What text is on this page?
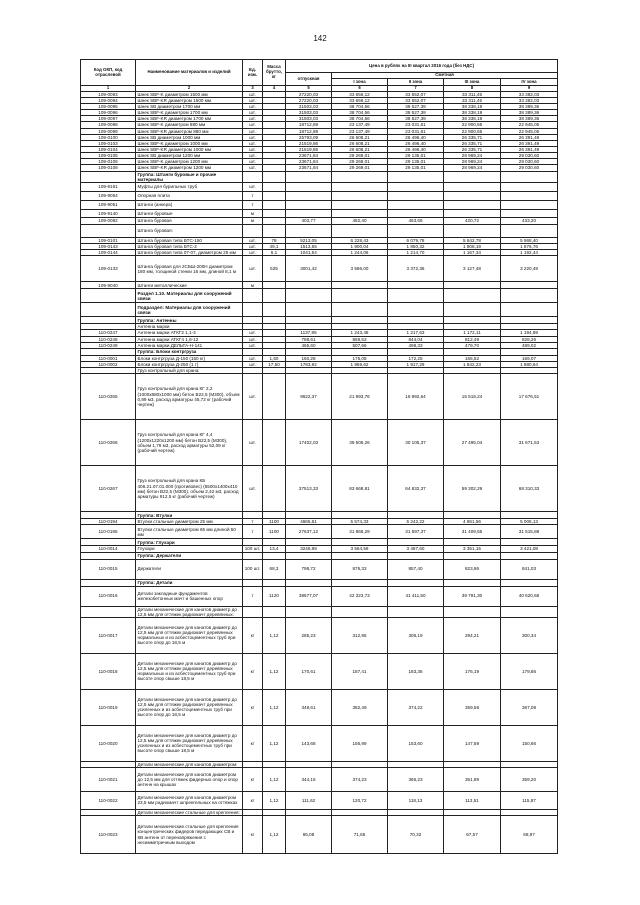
142
Код ОКП, код отраслевой	Наименование материалов и изделий	Ед. изм.	Масса брутто, кг	Цена в рублях на III квартал 2016 года (без НДС)				
				отпускная	Сметная			
					I зона	II зона	III зона	IV зона
1	2	3	4	5	6	7	8	9
109-0093	Шнек SBF-K диаметром 1500 мм	шт.		27220,03	33 656,12	33 552,07	33 311,45	33 382,03
109-0094	Шнек SBF-KR диаметром 1500 мм	шт.		27220,03	33 656,12	33 552,07	33 311,45	33 382,03
109-0095	Шнек SB диаметром 1700 мм	шт.		31503,03	38 704,56	38 527,39	38 338,19	38 389,36
109-0096	Шнек SBF-K диаметром 1700 мм	шт.		31503,03	38 704,56	38 527,39	38 338,19	38 389,36
109-0097	Шнек SBF-KR диаметром 1700 мм	шт.		31503,03	38 704,56	38 527,39	38 338,19	38 389,36
109-0098	Шнек SBF-K диаметром 880 мм	шт.		18712,89	23 137,49	23 031,61	22 900,55	22 945,05
109-0099	Шнек SBF-KR диаметром 880 мм	шт.		18712,89	23 137,49	23 031,61	22 900,55	22 945,05
109-0100	Шнек SB диаметром 1000 мм	шт.		25793,09	26 608,21	26 496,40	26 335,71	26 391,49
109-0103	Шнек SBF-K диаметром 1000 мм	шт.		21519,86	26 608,21	26 496,40	26 335,71	26 391,49
109-0104	Шнек SBF-KR диаметром 1000 мм	шт.		21519,86	26 608,21	26 496,40	26 335,71	26 391,49
109-0105	Шнек SB диаметром 1200 мм	шт.		23671,84	29 269,01	29 135,01	28 969,24	29 030,60
109-0106	Шнек SBF-K диаметром 1200 мм	шт.		23671,84	29 269,01	29 135,01	28 969,24	29 030,60
109-0108	Шнек SBF-KR диаметром 1200 мм	шт.		23671,84	29 269,01	29 135,01	28 969,24	29 030,60
	Группа: Штанги буровые и прочие материалы							
109-9161	Муфты для бурильных труб	шт.						
109-9054	Опорная плита	т						
109-9051	Штанги (анкера)	т						
109-9140	Штанги буровые	м						
109-0082	Штанга буровая	м		403,77	482,40	453,65	420,72	433,20
	Штанга буровая:							
109-0101	Штанга буровая типа БТС-150	шт.	78	5213,05	6 228,43	6 079,78	5 842,78	5 968,40
109-0143	Штанга буровая типа БТС-2	шт.	49,1	1513,55	1 900,04	1 850,32	1 808,19	1 876,76
109-0144	Штанга буровая типа 07-07, диаметром 25 мм	шт.	6,1	1041,54	1 244,06	1 214,70	1 167,34	1 192,44
109-0133	Штанга буровая для 2СБШ-200Н диаметром 180 мм, толщиной стенки 16 мм, длиной 8,1 м	шт.	525	3001,42	3 586,00	3 372,36	3 127,48	3 220,49
109-9040	Штанги металлические	м						
	Раздел 1.10. Материалы для сооружений связи							
	Подраздел: Материалы для сооружений связи							
	Группа: Антенны							
	Антенна марки							
110-0247	Антенна марки АТКГ2 1,1-3	шт.		1137,85	1 243,48	1 217,63	1 172,11	1 194,89
110-0248	Антенна марки АТКГ4 1,6-12	шт.		788,61	859,53	844,04	812,49	828,26
110-0249	Антенна марки ДЕЛЬТА-Н-141	шт.		465,60	507,66	498,33	479,70	489,02
	Группа: Блоки контргруза							
110-0001	Блоки контргруза Д-150 (150 кг)	шт.	1,50	160,28	176,08	172,25	165,52	169,07
110-0002	Блоки контргруза Д-250 (1 т)	шт.	17,50	1783,92	1 959,62	1 917,29	1 842,23	1 880,64
	Груз контрольный для крана:							
110-0265	Груз контрольный для крана КГ 2,2 (1000х880х1000 мм) бетон В22,5 (М300), объем 0,89 м3, расход арматуры 45,72 кг (рабочий чертеж)	шт.		9622,37	21 993,76	16 992,64	15 519,24	17 676,51
110-0266	Груз контрольный для крана КГ 4,4 (1200х1220х1200 мм) бетон В22,5 (М300), объем 1,76 м3, расход арматуры 52,09 кг (рабочий чертеж)	шт.		17402,03	39 506,26	30 105,37	27 495,04	31 671,53
110-0267	Груз контрольный для крана КБ 408.21.07.01.000 (противовес) (5500х1400х410 мм) бетон В22,5 (М300), объем 2,42 м3, расход арматуры 912,5 кг (рабочий чертеж)	шт.		37513,33	83 668,81	64 832,37	59 302,29	68 310,33
	Группа: Втулки							
110-0194	Втулки стальные диаметром 25 мм	т	1100	4665,61	5 574,33	5 242,22	4 861,56	5 006,13
110-0195	Втулки стальные диаметром 65 мм длиной 50 мм	т	1100	27637,12	31 866,29	31 597,37	31 409,55	31 515,88
	Группа: Глухари							
110-0014	Глухари	100 шт.	13,4	3246,89	3 564,59	3 487,60	3 351,15	3 421,08
	Группа: Держатели							
110-0015	Держатели	100 шт.	68,3	798,72	876,33	857,40	823,86	841,03
	Группа: Детали							
110-0016	Детали закладные фундаментов железобетонных мачт и башенных опор	т	1120	38577,07	42 323,73	41 411,50	39 791,30	40 620,68
	Детали механические для канатов диаметр до 12,5 мм для оттяжек радиомачт деревянных:							
110-0017	Детали механические для канатов диаметр до 12,5 мм для оттяжек радиомачт деревянных нормальных и из асбестоцементных труб при высоте опор до 18,5 м	кг	1,12	285,23	312,95	306,19	294,21	300,34
110-0018	Детали механические для канатов диаметр до 12,5 мм для оттяжек радиомачт деревянных нормальных и из асбестоцементных труб при высоте опор свыше 18,5 м	кг	1,12	170,61	187,41	183,36	176,19	179,86
110-0019	Детали механические для канатов диаметр до 12,5 мм для оттяжек радиомачт деревянных усиленных и из асбестоцементных труб при высоте опор до 18,5 м	кг	1,12	348,61	382,49	374,22	359,58	367,08
110-0020	Детали механические для канатов диаметр до 12,5 мм для оттяжек радиомачт деревянных усиленных и из асбестоцементных труб при высоте опор свыше 18,5 м	кг	1,12	143,68	156,99	153,60	147,59	150,66
	Детали механические для канатов диаметром:							
110-0021	Детали механические для канатов диаметром до 12,5 мм для оттяжек фидерных опор и опор антенн на крышах	кг	1,12	344,16	374,23	366,23	351,89	359,20
110-0022	Детали механические для канатов диаметром 23,5 мм радиомачт шпренгельных на оттяжках	кг	1,12	111,62	120,72	118,13	113,51	115,87
	Детали механические стальные для крепления:							
110-0023	Детали механические стальные для крепления концентрических фидеров передающих СВ и КВ антенн от перенапряжения с несимметричным выходом	кг	1,12	65,08	71,65	70,32	67,57	68,97
